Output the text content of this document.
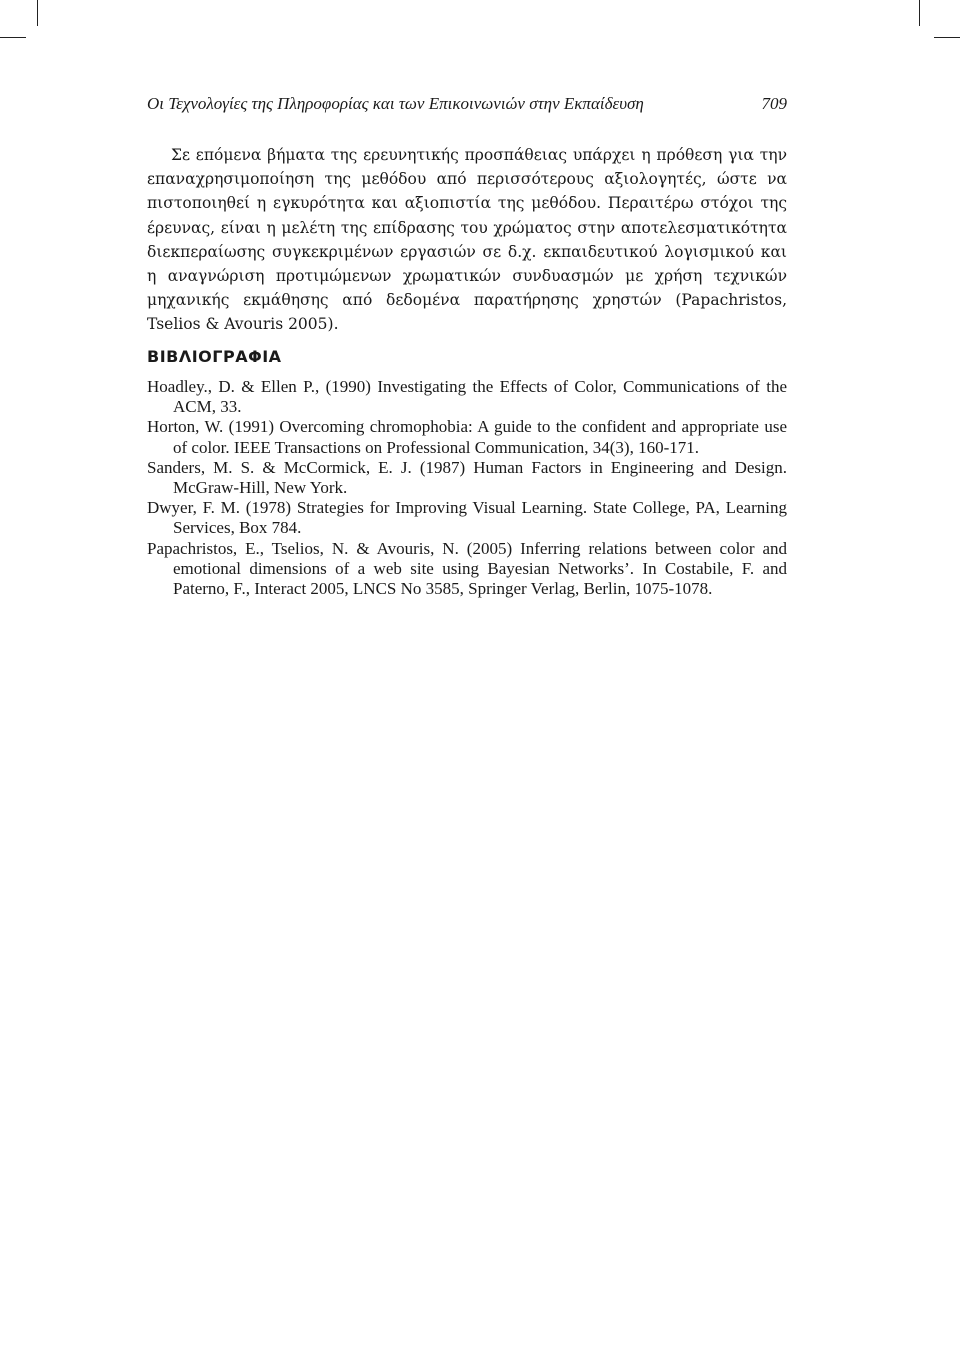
Οι Τεχνολογίες της Πληροφορίας και των Επικοινωνιών στην Εκπαίδευση	709

Σε επόμενα βήματα της ερευνητικής προσπάθειας υπάρχει η πρόθεση για την επαναχρησιμοποίηση της μεθόδου από περισσότερους αξιολογητές, ώστε να πιστοποιηθεί η εγκυρότητα και αξιοπιστία της μεθόδου. Περαιτέρω στόχοι της έρευνας, είναι η μελέτη της επίδρασης του χρώματος στην αποτελεσματικότητα διεκπεραίωσης συγκεκριμένων εργασιών σε δ.χ. εκπαιδευτικού λογισμικού και η αναγνώριση προτιμώμενων χρωματικών συνδυασμών με χρήση τεχνικών μηχανικής εκμάθησης από δεδομένα παρατήρησης χρηστών (Papachristos, Tselios & Avouris 2005).

ΒΙΒΛΙΟΓΡΑΦΙΑ
Hoadley., D. & Ellen P., (1990) Investigating the Effects of Color, Communications of the ACM, 33.
Horton, W. (1991) Overcoming chromophobia: A guide to the confident and appropriate use of color. IEEE Transactions on Professional Communication, 34(3), 160-171.
Sanders, M. S. & McCormick, E. J. (1987) Human Factors in Engineering and Design. McGraw-Hill, New York.
Dwyer, F. M. (1978) Strategies for Improving Visual Learning. State College, PA, Learning Services, Box 784.
Papachristos, E., Tselios, N. & Avouris, N. (2005) Inferring relations between color and emotional dimensions of a web site using Bayesian Networks’. In Costabile, F. and Paterno, F., Interact 2005, LNCS No 3585, Springer Verlag, Berlin, 1075-1078.
